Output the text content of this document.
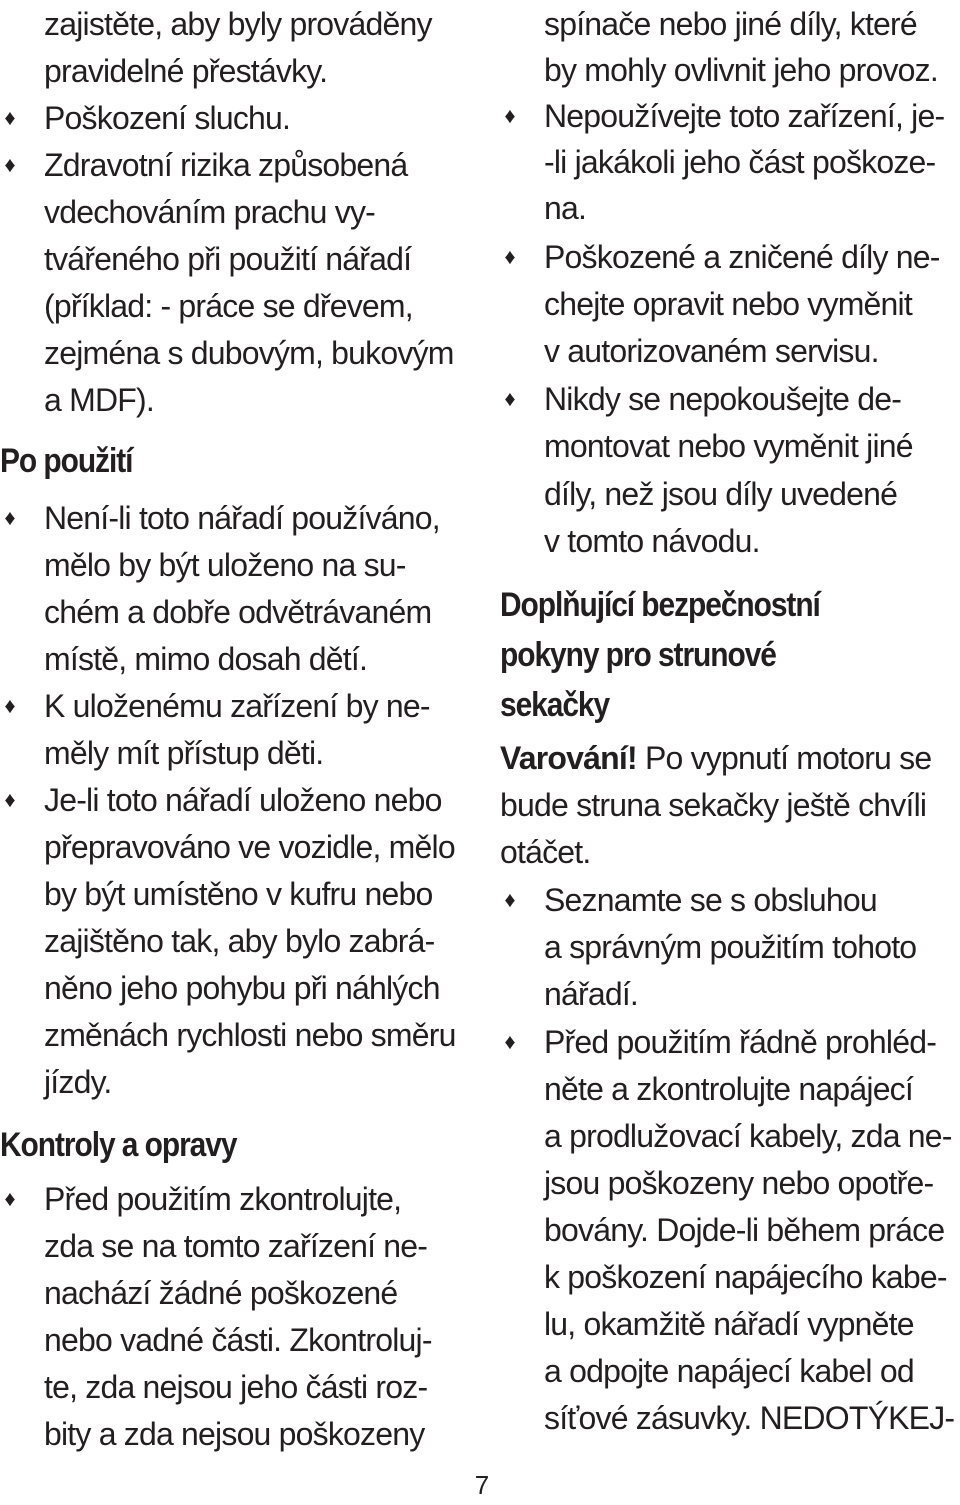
zajistěte, aby byly prováděny
pravidelné přestávky.
♦ Poškození sluchu.
♦ Zdravotní rizika způsobená
vdechováním prachu vy-
tvářeného při použití nářadí
(příklad: - práce se dřevem,
zejména s dubovým, bukovým
a MDF).
Po použití
♦ Není-li toto nářadí používáno,
mělo by být uloženo na su-
chém a dobře odvětrávaném
místě, mimo dosah dětí.
♦ K uloženému zařízení by ne-
měly mít přístup děti.
♦ Je-li toto nářadí uloženo nebo
přepravováno ve vozidle, mělo
by být umístěno v kufru nebo
zajištěno tak, aby bylo zabrá-
něno jeho pohybu při náhlých
změnách rychlosti nebo směru
jízdy.
Kontroly a opravy
♦ Před použitím zkontrolujte,
zda se na tomto zařízení ne-
nachází žádné poškozené
nebo vadné části. Zkontroluj-
te, zda nejsou jeho části roz-
bity a zda nejsou poškozeny
spínače nebo jiné díly, které
by mohly ovlivnit jeho provoz.
♦ Nepoužívejte toto zařízení, je-
-li jakákoli jeho část poškoze-
na.
♦ Poškozené a zničené díly ne-
chejte opravit nebo vyměnit
v autorizovaném servisu.
♦ Nikdy se nepokoušejte de-
montovat nebo vyměnit jiné
díly, než jsou díly uvedené
v tomto návodu.
Doplňující bezpečnostní
pokyny pro strunové
sekačky
Varování! Po vypnutí motoru se
bude struna sekačky ještě chvíli
otáčet.
♦ Seznamte se s obsluhou
a správným použitím tohoto
nářadí.
♦ Před použitím řádně prohléd-
něte a zkontrolujte napájecí
a prodlužovací kabely, zda ne-
jsou poškozeny nebo opotře-
bovány. Dojde-li během práce
k poškození napájecího kabe-
lu, okamžitě nářadí vypněte
a odpojte napájecí kabel od
síťové zásuvky. NEDOTÝKEJ-
7
